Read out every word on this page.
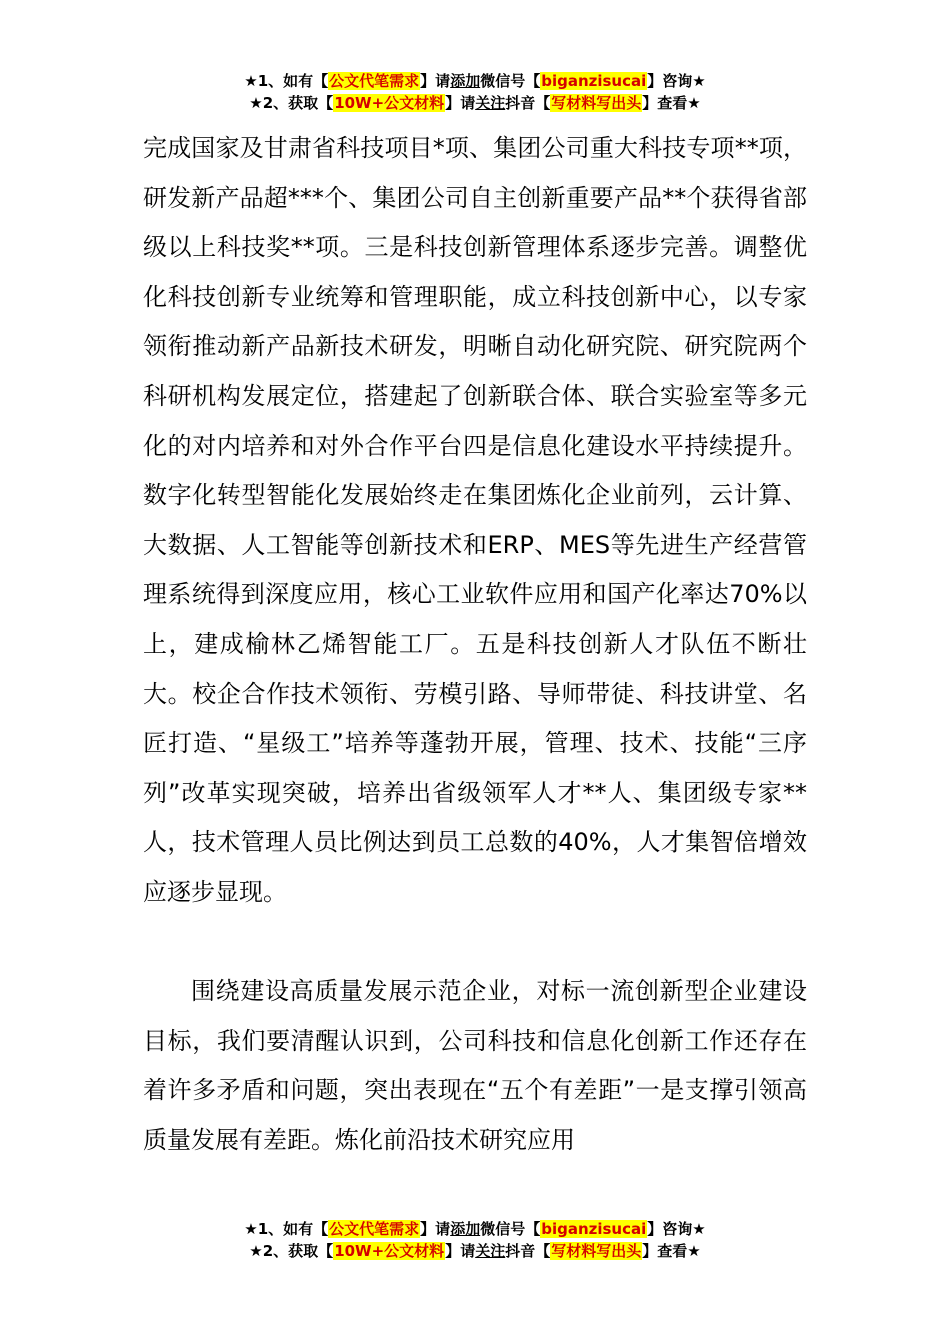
★1、如有【公文代笔需求】请添加微信号【biganzisucai】咨询★
★2、获取【10W+公文材料】请关注抖音【写材料写出头】查看★

完成国家及甘肃省科技项目*项、集团公司重大科技专项**项，研发新产品超***个、集团公司自主创新重要产品**个获得省部级以上科技奖**项。三是科技创新管理体系逐步完善。调整优化科技创新专业统筹和管理职能，成立科技创新中心，以专家领衔推动新产品新技术研发，明晰自动化研究院、研究院两个科研机构发展定位，搭建起了创新联合体、联合实验室等多元化的对内培养和对外合作平台四是信息化建设水平持续提升。数字化转型智能化发展始终走在集团炼化企业前列，云计算、大数据、人工智能等创新技术和ERP、MES等先进生产经营管理系统得到深度应用，核心工业软件应用和国产化率达70%以上，建成榆林乙烯智能工厂。五是科技创新人才队伍不断壮大。校企合作技术领衔、劳模引路、导师带徒、科技讲堂、名匠打造、“星级工”培养等蓬勃开展，管理、技术、技能“三序列”改革实现突破，培养出省级领军人才**人、集团级专家**人，技术管理人员比例达到员工总数的40%，人才集智倍增效应逐步显现。

围绕建设高质量发展示范企业，对标一流创新型企业建设目标，我们要清醒认识到，公司科技和信息化创新工作还存在着许多矛盾和问题，突出表现在“五个有差距”一是支撑引领高质量发展有差距。炼化前沿技术研究应用

★1、如有【公文代笔需求】请添加微信号【biganzisucai】咨询★
★2、获取【10W+公文材料】请关注抖音【写材料写出头】查看★
